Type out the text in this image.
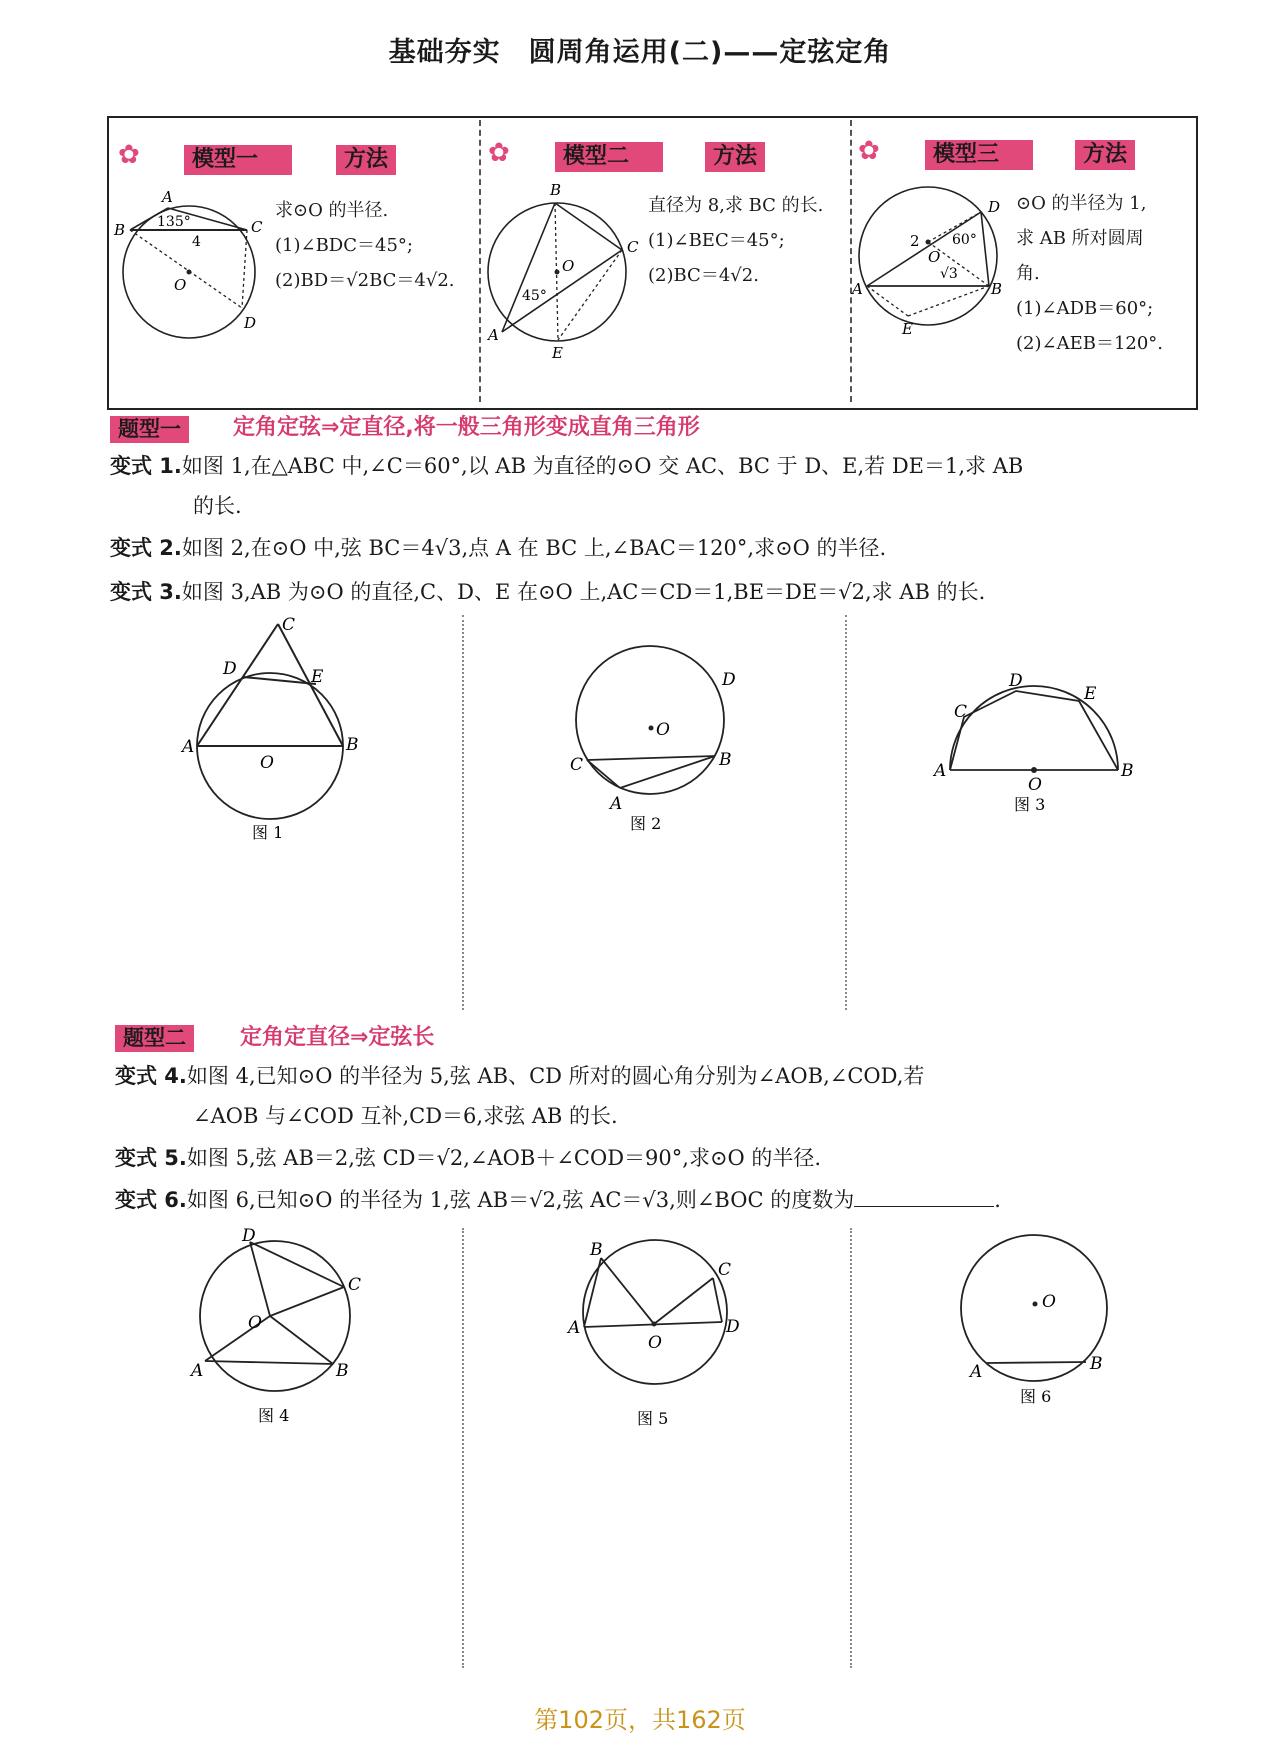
基础夯实　圆周角运用(二)——定弦定角
✿	模型一	方法	✿	模型二	方法	✿	模型三	方法
A
B	C
D
O
135°
4
求⊙O 的半径.
(1)∠BDC＝45°;
(2)BD＝√2BC＝4√2.
B
A
C
E
O
45°
直径为 8,求 BC 的长.
(1)∠BEC＝45°;
(2)BC＝4√2.
D
A	B
E
O
60°
2
√3
⊙O 的半径为 1,
求 AB 所对圆周
角.
(1)∠ADB＝60°;
(2)∠AEB＝120°.
题型一	定角定弦⇒定直径,将一般三角形变成直角三角形
变式 1.如图 1,在△ABC 中,∠C＝60°,以 AB 为直径的⊙O 交 AC、BC 于 D、E,若 DE＝1,求 AB
的长.
变式 2.如图 2,在⊙O 中,弦 BC＝4√3,点 A 在 BC 上,∠BAC＝120°,求⊙O 的半径.
变式 3.如图 3,AB 为⊙O 的直径,C、D、E 在⊙O 上,AC＝CD＝1,BE＝DE＝√2,求 AB 的长.
C
D	E
A	B
O
图 1
O
D
C	B
A
图 2
C
D
E
A	B
O
图 3
题型二	定角定直径⇒定弦长
变式 4.如图 4,已知⊙O 的半径为 5,弦 AB、CD 所对的圆心角分别为∠AOB,∠COD,若
∠AOB 与∠COD 互补,CD＝6,求弦 AB 的长.
变式 5.如图 5,弦 AB＝2,弦 CD＝√2,∠AOB＋∠COD＝90°,求⊙O 的半径.
变式 6.如图 6,已知⊙O 的半径为 1,弦 AB＝√2,弦 AC＝√3,则∠BOC 的度数为	.
D
C
O
A	B
图 4
B
C
A	D
O
图 5
O
A	B
图 6
第102页，共162页
